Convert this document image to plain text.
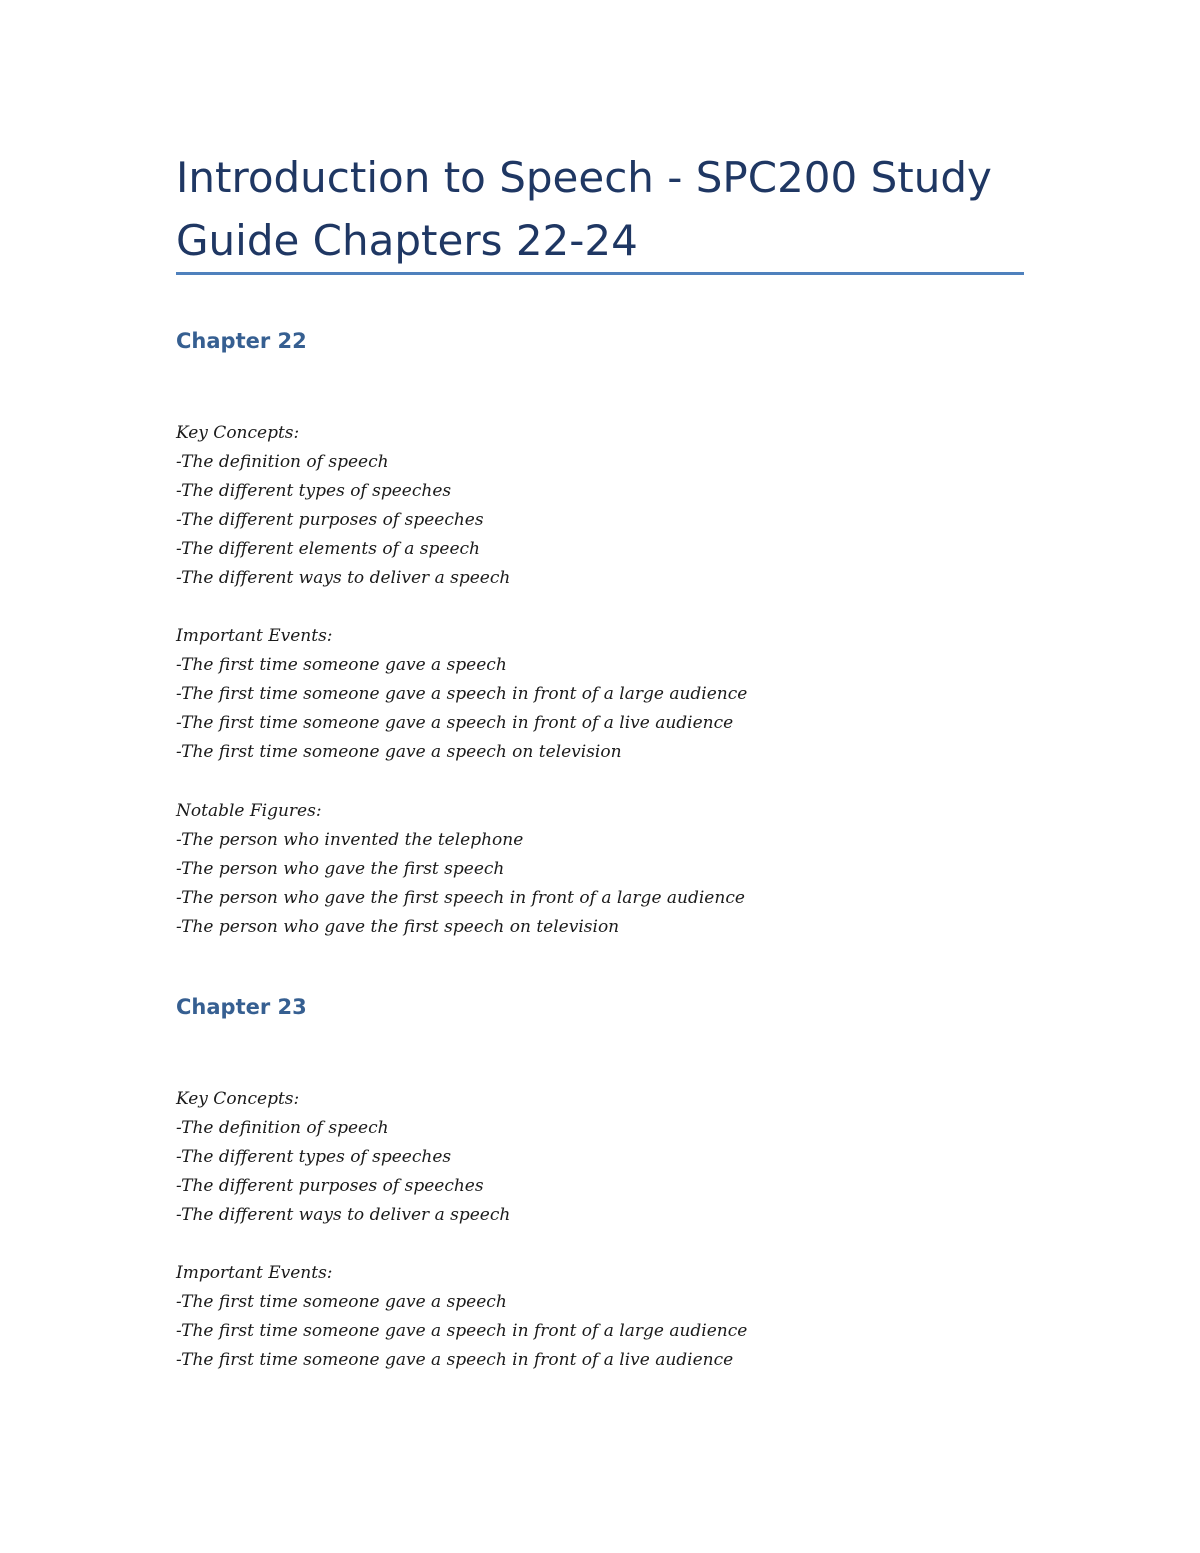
Introduction to Speech - SPC200 Study
Guide Chapters 22-24
Chapter 22
Key Concepts:
-The definition of speech
-The different types of speeches
-The different purposes of speeches
-The different elements of a speech
-The different ways to deliver a speech
Important Events:
-The first time someone gave a speech
-The first time someone gave a speech in front of a large audience
-The first time someone gave a speech in front of a live audience
-The first time someone gave a speech on television
Notable Figures:
-The person who invented the telephone
-The person who gave the first speech
-The person who gave the first speech in front of a large audience
-The person who gave the first speech on television
Chapter 23
Key Concepts:
-The definition of speech
-The different types of speeches
-The different purposes of speeches
-The different ways to deliver a speech
Important Events:
-The first time someone gave a speech
-The first time someone gave a speech in front of a large audience
-The first time someone gave a speech in front of a live audience
